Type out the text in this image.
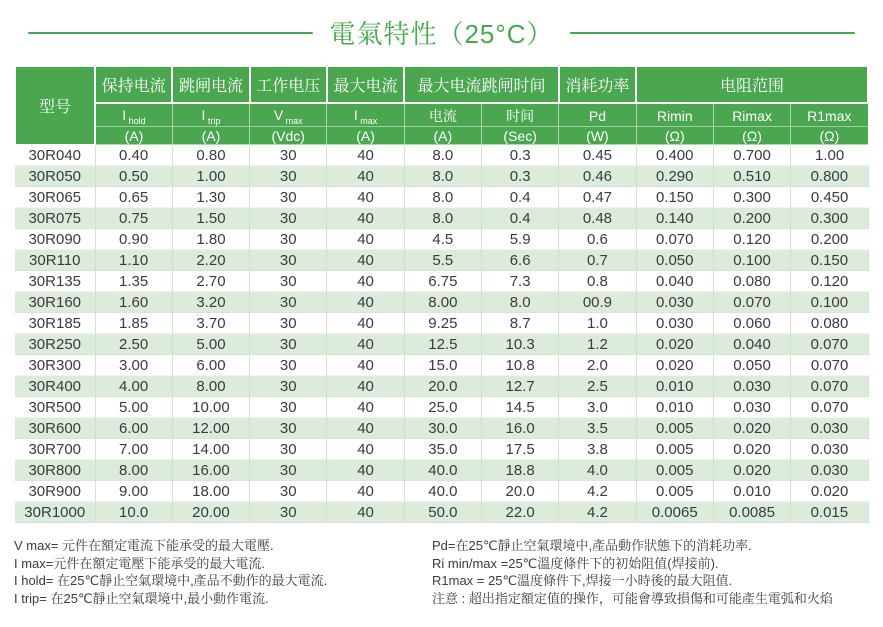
電氣特性（25°C）
型号	保持电流	跳闸电流	工作电压	最大电流	最大电流跳闸时间		消耗功率	电阻范围		
	I $_{hold}$	I $_{trip}$	V $_{max}$	I $_{max}$	电流	时间	Pd	Rimin	Rimax	R1max
	(A)	(A)	(Vdc)	(A)	(A)	(Sec)	(W)	(Ω)	(Ω)	(Ω)
30R040	0.40	0.80	30	40	8.0	0.3	0.45	0.400	0.700	1.00
30R050	0.50	1.00	30	40	8.0	0.3	0.46	0.290	0.510	0.800
30R065	0.65	1.30	30	40	8.0	0.4	0.47	0.150	0.300	0.450
30R075	0.75	1.50	30	40	8.0	0.4	0.48	0.140	0.200	0.300
30R090	0.90	1.80	30	40	4.5	5.9	0.6	0.070	0.120	0.200
30R110	1.10	2.20	30	40	5.5	6.6	0.7	0.050	0.100	0.150
30R135	1.35	2.70	30	40	6.75	7.3	0.8	0.040	0.080	0.120
30R160	1.60	3.20	30	40	8.00	8.0	00.9	0.030	0.070	0.100
30R185	1.85	3.70	30	40	9.25	8.7	1.0	0.030	0.060	0.080
30R250	2.50	5.00	30	40	12.5	10.3	1.2	0.020	0.040	0.070
30R300	3.00	6.00	30	40	15.0	10.8	2.0	0.020	0.050	0.070
30R400	4.00	8.00	30	40	20.0	12.7	2.5	0.010	0.030	0.070
30R500	5.00	10.00	30	40	25.0	14.5	3.0	0.010	0.030	0.070
30R600	6.00	12.00	30	40	30.0	16.0	3.5	0.005	0.020	0.030
30R700	7.00	14.00	30	40	35.0	17.5	3.8	0.005	0.020	0.030
30R800	8.00	16.00	30	40	40.0	18.8	4.0	0.005	0.020	0.030
30R900	9.00	18.00	30	40	40.0	20.0	4.2	0.005	0.010	0.020
30R1000	10.0	20.00	30	40	50.0	22.0	4.2	0.0065	0.0085	0.015

V max= 元件在額定電流下能承受的最大電壓.

I max=元件在額定電壓下能承受的最大電流.

I hold= 在25℃靜止空氣環境中,產品不動作的最大電流.

I trip= 在25℃靜止空氣環境中,最小動作電流.

Pd=在25℃靜止空氣環境中,產品動作狀態下的消耗功率.

Ri min/max =25℃溫度條件下的初始阻值(焊接前).

R1max = 25℃溫度條件下,焊接一小時後的最大阻值.

注意 : 超出指定額定值的操作，可能會導致損傷和可能產生電弧和火焰
